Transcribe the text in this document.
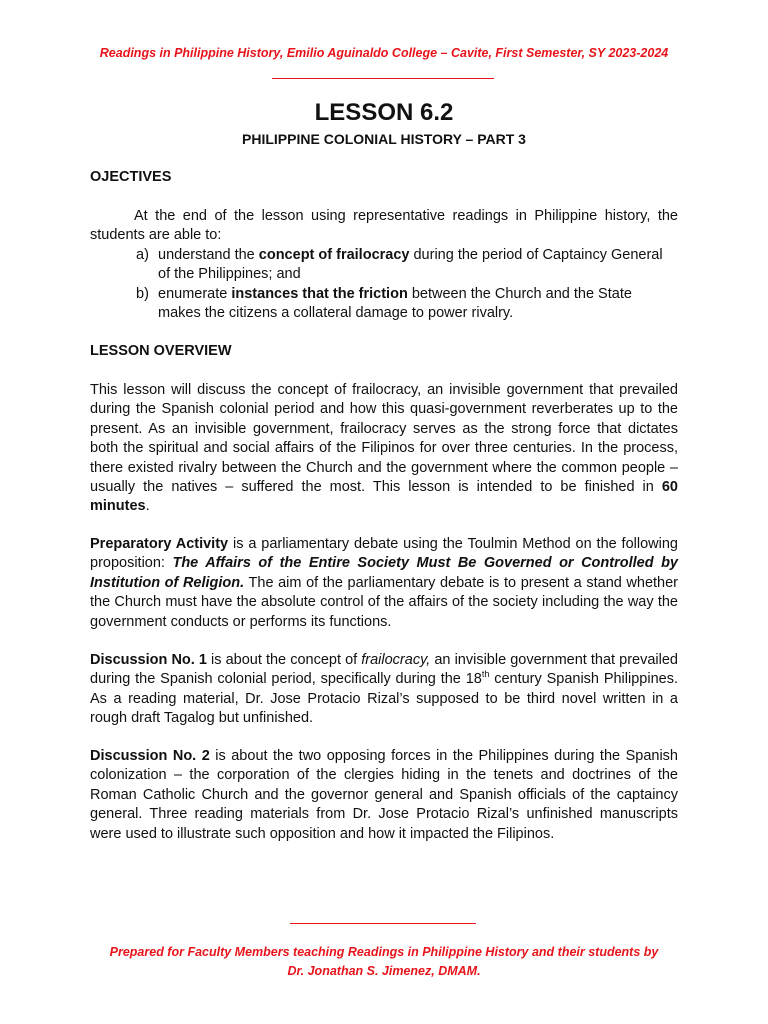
Readings in Philippine History, Emilio Aguinaldo College – Cavite, First Semester, SY 2023-2024
LESSON 6.2
PHILIPPINE COLONIAL HISTORY – PART 3
OJECTIVES
At the end of the lesson using representative readings in Philippine history, the students are able to:
a) understand the concept of frailocracy during the period of Captaincy General of the Philippines; and
b) enumerate instances that the friction between the Church and the State makes the citizens a collateral damage to power rivalry.
LESSON OVERVIEW
This lesson will discuss the concept of frailocracy, an invisible government that prevailed during the Spanish colonial period and how this quasi-government reverberates up to the present. As an invisible government, frailocracy serves as the strong force that dictates both the spiritual and social affairs of the Filipinos for over three centuries. In the process, there existed rivalry between the Church and the government where the common people – usually the natives – suffered the most. This lesson is intended to be finished in 60 minutes.
Preparatory Activity is a parliamentary debate using the Toulmin Method on the following proposition: The Affairs of the Entire Society Must Be Governed or Controlled by Institution of Religion. The aim of the parliamentary debate is to present a stand whether the Church must have the absolute control of the affairs of the society including the way the government conducts or performs its functions.
Discussion No. 1 is about the concept of frailocracy, an invisible government that prevailed during the Spanish colonial period, specifically during the 18th century Spanish Philippines. As a reading material, Dr. Jose Protacio Rizal’s supposed to be third novel written in a rough draft Tagalog but unfinished.
Discussion No. 2 is about the two opposing forces in the Philippines during the Spanish colonization – the corporation of the clergies hiding in the tenets and doctrines of the Roman Catholic Church and the governor general and Spanish officials of the captaincy general. Three reading materials from Dr. Jose Protacio Rizal’s unfinished manuscripts were used to illustrate such opposition and how it impacted the Filipinos.
Prepared for Faculty Members teaching Readings in Philippine History and their students by Dr. Jonathan S. Jimenez, DMAM.
